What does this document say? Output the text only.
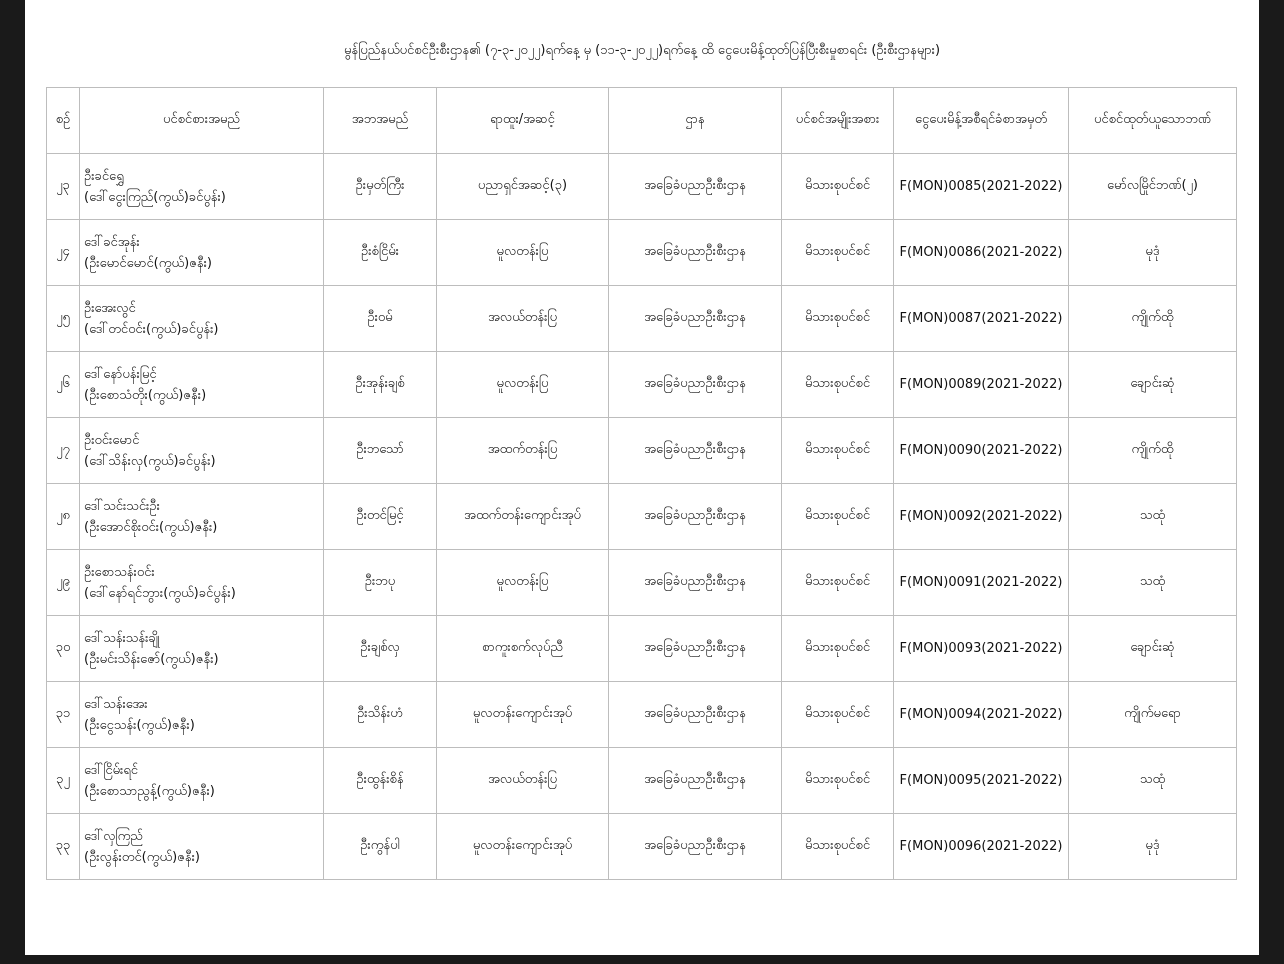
မွန်ပြည်နယ်ပင်စင်ဦးစီးဌာန၏ (၇-၃-၂၀၂၂)ရက်နေ့ မှ (၁၁-၃-၂၀၂၂)ရက်နေ့ ထိ ငွေပေးမိန့်ထုတ်ပြန်ပြီးစီးမှုစာရင်း (ဦးစီးဌာနများ)
စဉ်	ပင်စင်စားအမည်	အဘအမည်	ရာထူး/အဆင့်	ဌာန	ပင်စင်အမျိုးအစား	ငွေပေးမိန့်အစီရင်ခံစာအမှတ်	ပင်စင်ထုတ်ယူသောဘဏ်
၂၃	ဦးခင်ရွှေ
(ဒေါ်ငွေးကြည်(ကွယ်)ခင်ပွန်း)	ဦးမှတ်ကြီး	ပညာရှင်အဆင့်(၃)	အခြေခံပညာဦးစီးဌာန	မိသားစုပင်စင်	F(MON)0085(2021-2022)	မော်လမြိုင်ဘဏ်(၂)
၂၄	ဒေါ်ခင်အုန်း
(ဦးမောင်မောင်(ကွယ်)ဇနီး)	ဦးစံငြိမ်း	မူလတန်းပြ	အခြေခံပညာဦးစီးဌာန	မိသားစုပင်စင်	F(MON)0086(2021-2022)	မုဒုံ
၂၅	ဦးအေးလွင်
(ဒေါ်တင်ဝင်း(ကွယ်)ခင်ပွန်း)	ဦးဝမ်	အလယ်တန်းပြ	အခြေခံပညာဦးစီးဌာန	မိသားစုပင်စင်	F(MON)0087(2021-2022)	ကျိုက်ထို
၂၆	ဒေါ်နော်ပန်းမြင့်
(ဦးစောသံတိုး(ကွယ်)ဇနီး)	ဦးအုန်းချစ်	မူလတန်းပြ	အခြေခံပညာဦးစီးဌာန	မိသားစုပင်စင်	F(MON)0089(2021-2022)	ချောင်းဆုံ
၂၇	ဦးဝင်းမောင်
(ဒေါ်သိန်းလှ(ကွယ်)ခင်ပွန်း)	ဦးဘသော်	အထက်တန်းပြ	အခြေခံပညာဦးစီးဌာန	မိသားစုပင်စင်	F(MON)0090(2021-2022)	ကျိုက်ထို
၂၈	ဒေါ်သင်းသင်းဦး
(ဦးအောင်စိုးဝင်း(ကွယ်)ဇနီး)	ဦးတင်မြင့်	အထက်တန်းကျောင်းအုပ်	အခြေခံပညာဦးစီးဌာန	မိသားစုပင်စင်	F(MON)0092(2021-2022)	သထုံ
၂၉	ဦးစောသန်းဝင်း
(ဒေါ်နော်ရင်ဘွား(ကွယ်)ခင်ပွန်း)	ဦးဘပု	မူလတန်းပြ	အခြေခံပညာဦးစီးဌာန	မိသားစုပင်စင်	F(MON)0091(2021-2022)	သထုံ
၃၀	ဒေါ်သန်းသန်းချို
(ဦးမင်းသိန်းဇော်(ကွယ်)ဇနီး)	ဦးချစ်လှ	စာကူးစက်လုပ်ညီ	အခြေခံပညာဦးစီးဌာန	မိသားစုပင်စင်	F(MON)0093(2021-2022)	ချောင်းဆုံ
၃၁	ဒေါ်သန်းအေး
(ဦးငွေသန်း(ကွယ်)ဇနီး)	ဦးသိန်းဟံ	မူလတန်းကျောင်းအုပ်	အခြေခံပညာဦးစီးဌာန	မိသားစုပင်စင်	F(MON)0094(2021-2022)	ကျိုက်မရော
၃၂	ဒေါ်ငြိမ်းရင်
(ဦးစောသာညွန့်(ကွယ်)ဇနီး)	ဦးထွန်းစိန်	အလယ်တန်းပြ	အခြေခံပညာဦးစီးဌာန	မိသားစုပင်စင်	F(MON)0095(2021-2022)	သထုံ
၃၃	ဒေါ်လှကြည်
(ဦးလွန်းတင်(ကွယ်)ဇနီး)	ဦးကွန်ပါ	မူလတန်းကျောင်းအုပ်	အခြေခံပညာဦးစီးဌာန	မိသားစုပင်စင်	F(MON)0096(2021-2022)	မုဒုံ
